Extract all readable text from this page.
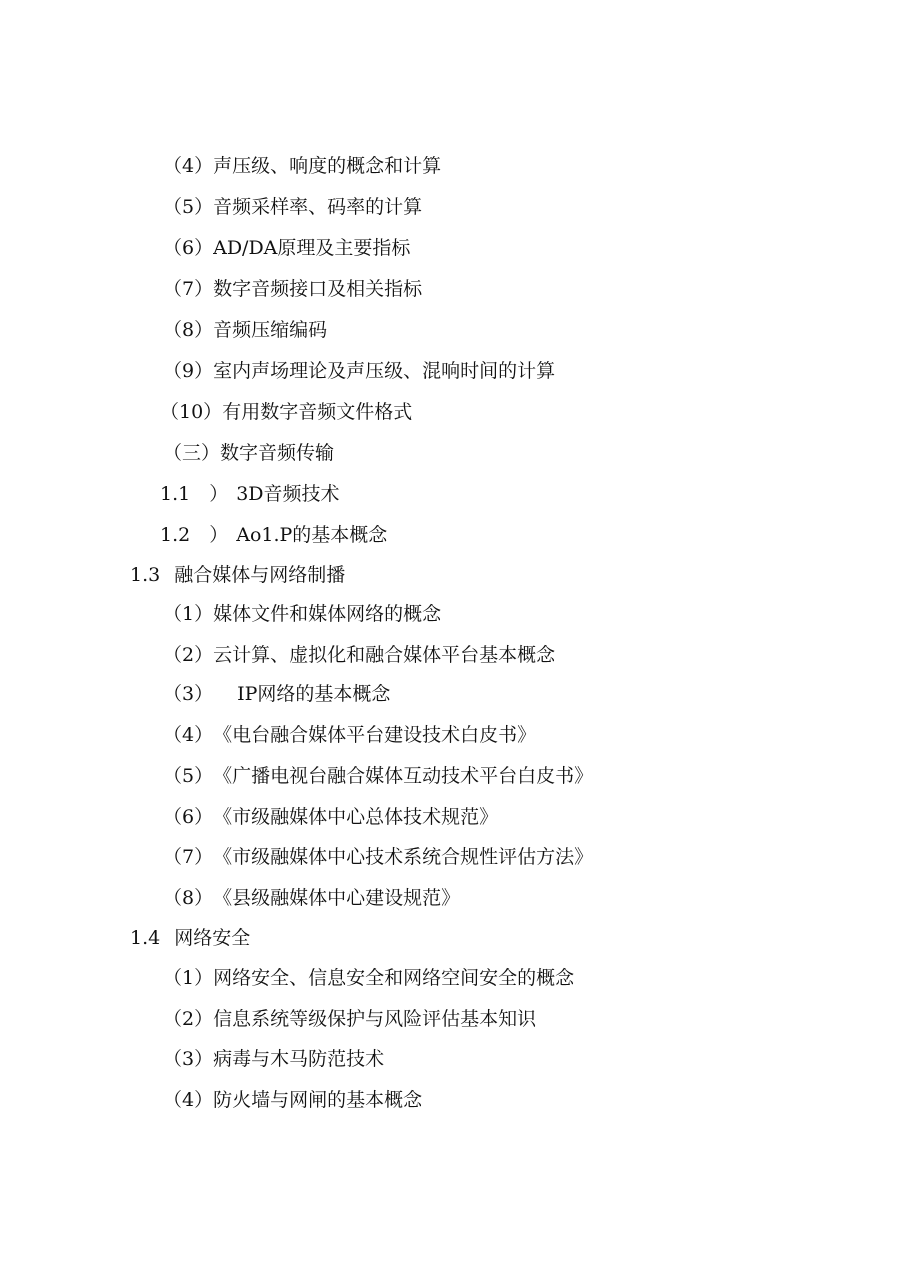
（4）声压级、响度的概念和计算
（5）音频采样率、码率的计算
（6）AD/DA原理及主要指标
（7）数字音频接口及相关指标
（8）音频压缩编码
（9）室内声场理论及声压级、混响时间的计算
（10）有用数字音频文件格式
（三）数字音频传输
1.1　） 3D音频技术
1.2　） Ao1.P的基本概念
1.3 融合媒体与网络制播
（1）媒体文件和媒体网络的概念
（2）云计算、虚拟化和融合媒体平台基本概念
（3） IP网络的基本概念
（4）《电台融合媒体平台建设技术白皮书》
（5）《广播电视台融合媒体互动技术平台白皮书》
（6）《市级融媒体中心总体技术规范》
（7）《市级融媒体中心技术系统合规性评估方法》
（8）《县级融媒体中心建设规范》
1.4 网络安全
（1）网络安全、信息安全和网络空间安全的概念
（2）信息系统等级保护与风险评估基本知识
（3）病毒与木马防范技术
（4）防火墙与网闸的基本概念
